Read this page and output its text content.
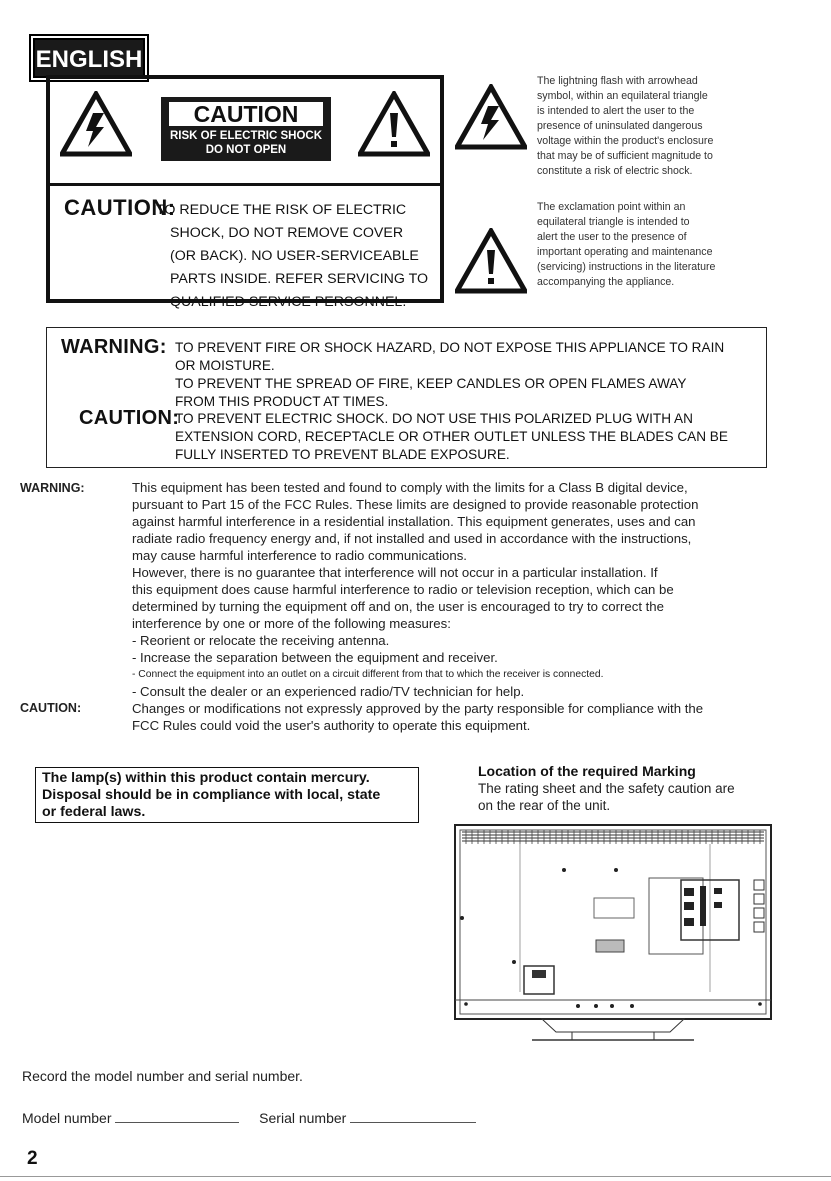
ENGLISH
CAUTION
RISK OF ELECTRIC SHOCK
DO NOT OPEN
CAUTION:
TO REDUCE THE RISK OF ELECTRIC
SHOCK, DO NOT REMOVE COVER
(OR BACK). NO USER-SERVICEABLE
PARTS INSIDE. REFER SERVICING TO
QUALIFIED SERVICE PERSONNEL.
The lightning flash with arrowhead
symbol, within an equilateral triangle
is intended to alert the user to the
presence of uninsulated dangerous
voltage within the product's enclosure
that may be of sufficient magnitude to
constitute a risk of electric shock.
The exclamation point within an
equilateral triangle is intended to
alert the user to the presence of
important operating and maintenance
(servicing) instructions in the literature
accompanying the appliance.
WARNING: TO PREVENT FIRE OR SHOCK HAZARD, DO NOT EXPOSE THIS APPLIANCE TO RAIN
OR MOISTURE.
TO PREVENT THE SPREAD OF FIRE, KEEP CANDLES OR OPEN FLAMES AWAY
FROM THIS PRODUCT AT TIMES.
CAUTION:
TO PREVENT ELECTRIC SHOCK. DO NOT USE THIS POLARIZED PLUG WITH AN
EXTENSION CORD, RECEPTACLE OR OTHER OUTLET UNLESS THE BLADES CAN BE
FULLY INSERTED TO PREVENT BLADE EXPOSURE.
WARNING:	This equipment has been tested and found to comply with the limits for a Class B digital device,
pursuant to Part 15 of the FCC Rules. These limits are designed to provide reasonable protection
against harmful interference in a residential installation. This equipment generates, uses and can
radiate radio frequency energy and, if not installed and used in accordance with the instructions,
may cause harmful interference to radio communications.
However, there is no guarantee that interference will not occur in a particular installation. If
this equipment does cause harmful interference to radio or television reception, which can be
determined by turning the equipment off and on, the user is encouraged to try to correct the
interference by one or more of the following measures:
- Reorient or relocate the receiving antenna.
- Increase the separation between the equipment and receiver.
- Connect the equipment into an outlet on a circuit different from that to which the receiver is connected.
- Consult the dealer or an experienced radio/TV technician for help.
Changes or modifications not expressly approved by the party responsible for compliance with the
FCC Rules could void the user's authority to operate this equipment.
CAUTION:
The lamp(s) within this product contain mercury.
Disposal should be in compliance with local, state
or federal laws.
Location of the required Marking
The rating sheet and the safety caution are
on the rear of the unit.
Record the model number and serial number.
Model number	Serial number
2
